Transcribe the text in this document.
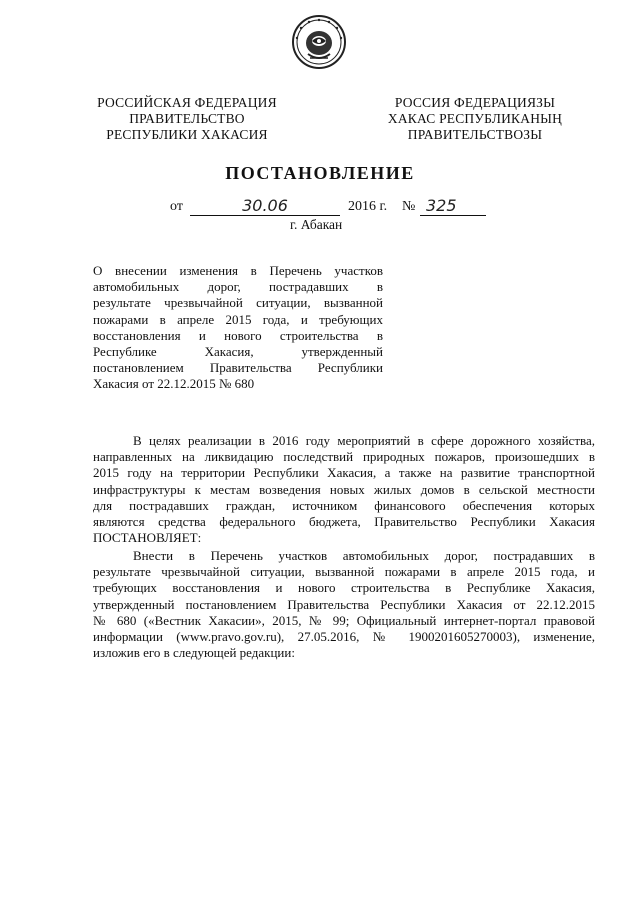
РОССИЙСКАЯ ФЕДЕРАЦИЯ
ПРАВИТЕЛЬСТВО
РЕСПУБЛИКИ ХАКАСИЯ
РОССИЯ ФЕДЕРАЦИЯЗЫ
ХАКАС РЕСПУБЛИКАНЫҢ
ПРАВИТЕЛЬСТВОЗЫ
ПОСТАНОВЛЕНИЕ
от	30.06	2016 г. № 325
г. Абакан
О внесении изменения в Перечень участков
автомобильных дорог, пострадавших в
результате чрезвычайной ситуации, вызванной
пожарами в апреле 2015 года, и требующих
восстановления и нового строительства в
Республике Хакасия, утвержденный
постановлением Правительства Республики
Хакасия от 22.12.2015 № 680
В целях реализации в 2016 году мероприятий в сфере дорожного хозяйства,
направленных на ликвидацию последствий природных пожаров, произошедших в
2015 году на территории Республики Хакасия, а также на развитие транспортной
инфраструктуры к местам возведения новых жилых домов в сельской местности
для пострадавших граждан, источником финансового обеспечения которых
являются средства федерального бюджета, Правительство Республики Хакасия
ПОСТАНОВЛЯЕТ:
Внести в Перечень участков автомобильных дорог, пострадавших в
результате чрезвычайной ситуации, вызванной пожарами в апреле 2015 года, и
требующих восстановления и нового строительства в Республике Хакасия,
утвержденный постановлением Правительства Республики Хакасия от 22.12.2015
№ 680 («Вестник Хакасии», 2015, № 99; Официальный интернет-портал правовой
информации (www.pravo.gov.ru), 27.05.2016, № 1900201605270003), изменение,
изложив его в следующей редакции:
